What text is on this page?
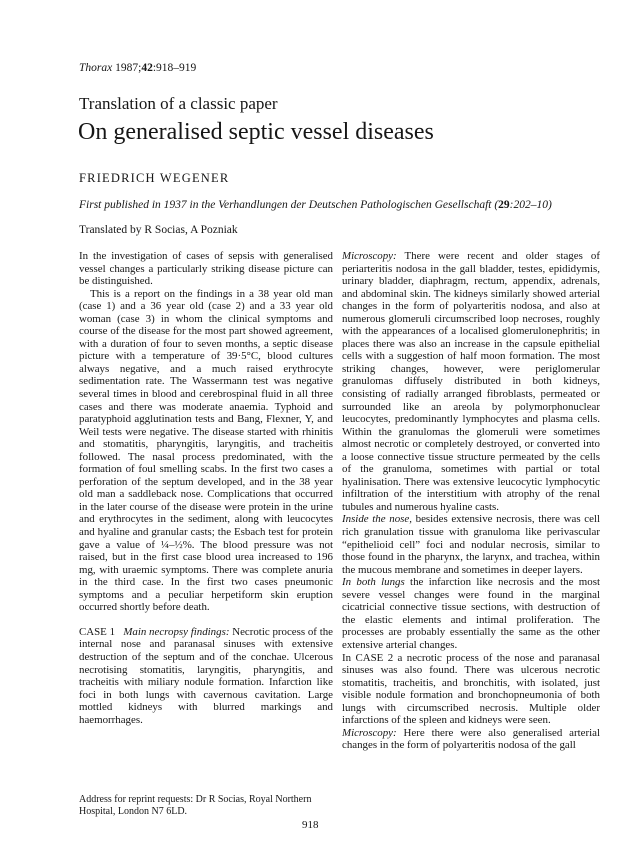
Thorax 1987;42:918–919
Translation of a classic paper
On generalised septic vessel diseases
FRIEDRICH WEGENER
First published in 1937 in the Verhandlungen der Deutschen Pathologischen Gesellschaft (29:202–10)
Translated by R Socias, A Pozniak

In the investigation of cases of sepsis with generalised vessel changes a particularly striking disease picture can be distinguished.

This is a report on the findings in a 38 year old man (case 1) and a 36 year old (case 2) and a 33 year old woman (case 3) in whom the clinical symptoms and course of the disease for the most part showed agreement, with a duration of four to seven months, a septic disease picture with a temperature of 39·5°C, blood cultures always negative, and a much raised erythrocyte sedimentation rate. The Wassermann test was negative several times in blood and cerebrospinal fluid in all three cases and there was moderate anaemia. Typhoid and paratyphoid agglutination tests and Bang, Flexner, Y, and Weil tests were negative. The disease started with rhinitis and stomatitis, pharyngitis, laryngitis, and tracheitis followed. The nasal process predominated, with the formation of foul smelling scabs. In the first two cases a perforation of the septum developed, and in the 38 year old man a saddleback nose. Complications that occurred in the later course of the disease were protein in the urine and erythrocytes in the sediment, along with leucocytes and hyaline and granular casts; the Esbach test for protein gave a value of ¼–½%. The blood pressure was not raised, but in the first case blood urea increased to 196 mg, with uraemic symptoms. There was complete anuria in the third case. In the first two cases pneumonic symptoms and a peculiar herpetiform skin eruption occurred shortly before death.

CASE 1 Main necropsy findings: Necrotic process of the internal nose and paranasal sinuses with extensive destruction of the septum and of the conchae. Ulcerous necrotising stomatitis, laryngitis, pharyngitis, and tracheitis with miliary nodule formation. Infarction like foci in both lungs with cavernous cavitation. Large mottled kidneys with blurred markings and haemorrhages.

Microscopy: There were recent and older stages of periarteritis nodosa in the gall bladder, testes, epididymis, urinary bladder, diaphragm, rectum, appendix, adrenals, and abdominal skin. The kidneys similarly showed arterial changes in the form of polyarteritis nodosa, and also at numerous glomeruli circumscribed loop necroses, roughly with the appearances of a localised glomerulonephritis; in places there was also an increase in the capsule epithelial cells with a suggestion of half moon formation. The most striking changes, however, were periglomerular granulomas diffusely distributed in both kidneys, consisting of radially arranged fibroblasts, permeated or surrounded like an areola by polymorphonuclear leucocytes, predominantly lymphocytes and plasma cells. Within the granulomas the glomeruli were sometimes almost necrotic or completely destroyed, or converted into a loose connective tissue structure permeated by the cells of the granuloma, sometimes with partial or total hyalinisation. There was extensive leucocytic lymphocytic infiltration of the interstitium with atrophy of the renal tubules and numerous hyaline casts.

Inside the nose, besides extensive necrosis, there was cell rich granulation tissue with granuloma like perivascular “epithelioid cell” foci and nodular necrosis, similar to those found in the pharynx, the larynx, and trachea, within the mucous membrane and sometimes in deeper layers.

In both lungs the infarction like necrosis and the most severe vessel changes were found in the marginal cicatricial connective tissue sections, with destruction of the elastic elements and intimal proliferation. The processes are probably essentially the same as the other extensive arterial changes.

In CASE 2 a necrotic process of the nose and paranasal sinuses was also found. There was ulcerous necrotic stomatitis, tracheitis, and bronchitis, with isolated, just visible nodule formation and bronchopneumonia of both lungs with circumscribed necrosis. Multiple older infarctions of the spleen and kidneys were seen.

Microscopy: Here there were also generalised arterial changes in the form of polyarteritis nodosa of the gall

Address for reprint requests: Dr R Socias, Royal Northern Hospital, London N7 6LD.
918
